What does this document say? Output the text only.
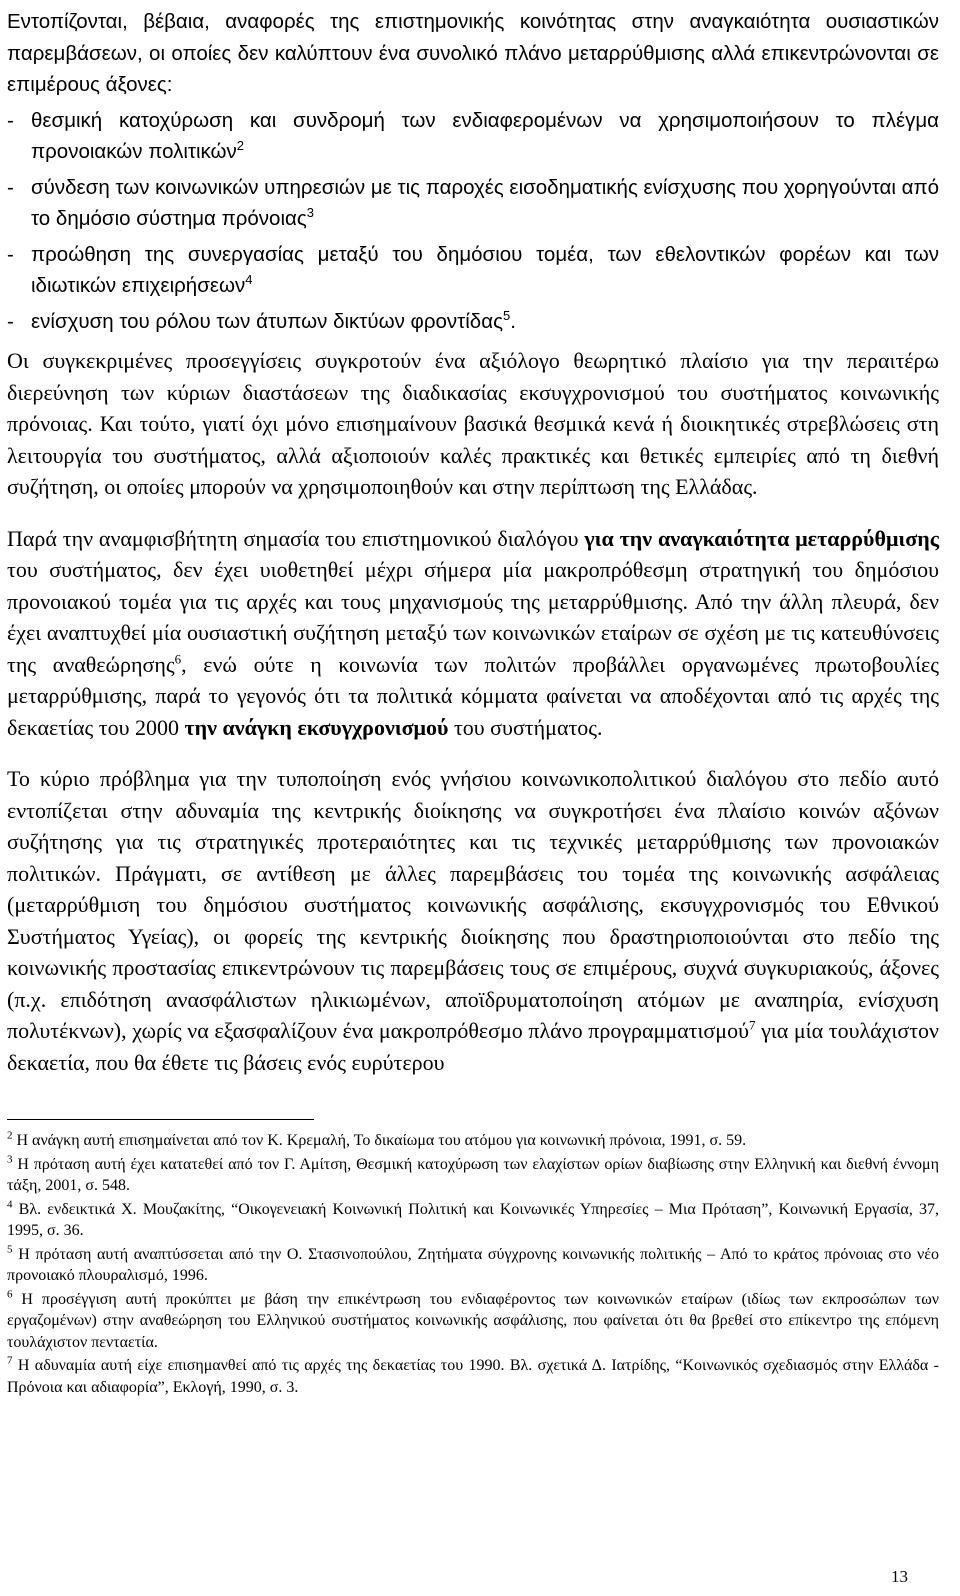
Εντοπίζονται, βέβαια, αναφορές της επιστημονικής κοινότητας στην αναγκαιότητα ουσιαστικών παρεμβάσεων, οι οποίες δεν καλύπτουν ένα συνολικό πλάνο μεταρρύθμισης αλλά επικεντρώνονται σε επιμέρους άξονες:

- θεσμική κατοχύρωση και συνδρομή των ενδιαφερομένων να χρησιμοποιήσουν το πλέγμα προνοιακών πολιτικών$^2$
- σύνδεση των κοινωνικών υπηρεσιών με τις παροχές εισοδηματικής ενίσχυσης που χορηγούνται από το δημόσιο σύστημα πρόνοιας$^3$
- προώθηση της συνεργασίας μεταξύ του δημόσιου τομέα, των εθελοντικών φορέων και των ιδιωτικών επιχειρήσεων$^4$
- ενίσχυση του ρόλου των άτυπων δικτύων φροντίδας$^5$.

Οι συγκεκριμένες προσεγγίσεις συγκροτούν ένα αξιόλογο θεωρητικό πλαίσιο για την περαιτέρω διερεύνηση των κύριων διαστάσεων της διαδικασίας εκσυγχρονισμού του συστήματος κοινωνικής πρόνοιας. Και τούτο, γιατί όχι μόνο επισημαίνουν βασικά θεσμικά κενά ή διοικητικές στρεβλώσεις στη λειτουργία του συστήματος, αλλά αξιοποιούν καλές πρακτικές και θετικές εμπειρίες από τη διεθνή συζήτηση, οι οποίες μπορούν να χρησιμοποιηθούν και στην περίπτωση της Ελλάδας.

Παρά την αναμφισβήτητη σημασία του επιστημονικού διαλόγου για την αναγκαιότητα μεταρρύθμισης του συστήματος, δεν έχει υιοθετηθεί μέχρι σήμερα μία μακροπρόθεσμη στρατηγική του δημόσιου προνοιακού τομέα για τις αρχές και τους μηχανισμούς της μεταρρύθμισης. Από την άλλη πλευρά, δεν έχει αναπτυχθεί μία ουσιαστική συζήτηση μεταξύ των κοινωνικών εταίρων σε σχέση με τις κατευθύνσεις της αναθεώρησης$^6$, ενώ ούτε η κοινωνία των πολιτών προβάλλει οργανωμένες πρωτοβουλίες μεταρρύθμισης, παρά το γεγονός ότι τα πολιτικά κόμματα φαίνεται να αποδέχονται από τις αρχές της δεκαετίας του 2000 την ανάγκη εκσυγχρονισμού του συστήματος.

Το κύριο πρόβλημα για την τυποποίηση ενός γνήσιου κοινωνικοπολιτικού διαλόγου στο πεδίο αυτό εντοπίζεται στην αδυναμία της κεντρικής διοίκησης να συγκροτήσει ένα πλαίσιο κοινών αξόνων συζήτησης για τις στρατηγικές προτεραιότητες και τις τεχνικές μεταρρύθμισης των προνοιακών πολιτικών. Πράγματι, σε αντίθεση με άλλες παρεμβάσεις του τομέα της κοινωνικής ασφάλειας (μεταρρύθμιση του δημόσιου συστήματος κοινωνικής ασφάλισης, εκσυγχρονισμός του Εθνικού Συστήματος Υγείας), οι φορείς της κεντρικής διοίκησης που δραστηριοποιούνται στο πεδίο της κοινωνικής προστασίας επικεντρώνουν τις παρεμβάσεις τους σε επιμέρους, συχνά συγκυριακούς, άξονες (π.χ. επιδότηση ανασφάλιστων ηλικιωμένων, αποϊδρυματοποίηση ατόμων με αναπηρία, ενίσχυση πολυτέκνων), χωρίς να εξασφαλίζουν ένα μακροπρόθεσμο πλάνο προγραμματισμού$^7$ για μία τουλάχιστον δεκαετία, που θα έθετε τις βάσεις ενός ευρύτερου

$^2$ Η ανάγκη αυτή επισημαίνεται από τον Κ. Κρεμαλή, Το δικαίωμα του ατόμου για κοινωνική πρόνοια, 1991, σ. 59.

$^3$ Η πρόταση αυτή έχει κατατεθεί από τον Γ. Αμίτση, Θεσμική κατοχύρωση των ελαχίστων ορίων διαβίωσης στην Ελληνική και διεθνή έννομη τάξη, 2001, σ. 548.

$^4$ Βλ. ενδεικτικά Χ. Μουζακίτης, “Οικογενειακή Κοινωνική Πολιτική και Κοινωνικές Υπηρεσίες – Μια Πρόταση”, Κοινωνική Εργασία, 37, 1995, σ. 36.

$^5$ Η πρόταση αυτή αναπτύσσεται από την Ο. Στασινοπούλου, Ζητήματα σύγχρονης κοινωνικής πολιτικής – Από το κράτος πρόνοιας στο νέο προνοιακό πλουραλισμό, 1996.

$^6$ Η προσέγγιση αυτή προκύπτει με βάση την επικέντρωση του ενδιαφέροντος των κοινωνικών εταίρων (ιδίως των εκπροσώπων των εργαζομένων) στην αναθεώρηση του Ελληνικού συστήματος κοινωνικής ασφάλισης, που φαίνεται ότι θα βρεθεί στο επίκεντρο της επόμενη τουλάχιστον πενταετία.

$^7$ Η αδυναμία αυτή είχε επισημανθεί από τις αρχές της δεκαετίας του 1990. Βλ. σχετικά Δ. Ιατρίδης, “Κοινωνικός σχεδιασμός στην Ελλάδα - Πρόνοια και αδιαφορία”, Εκλογή, 1990, σ. 3.

13
